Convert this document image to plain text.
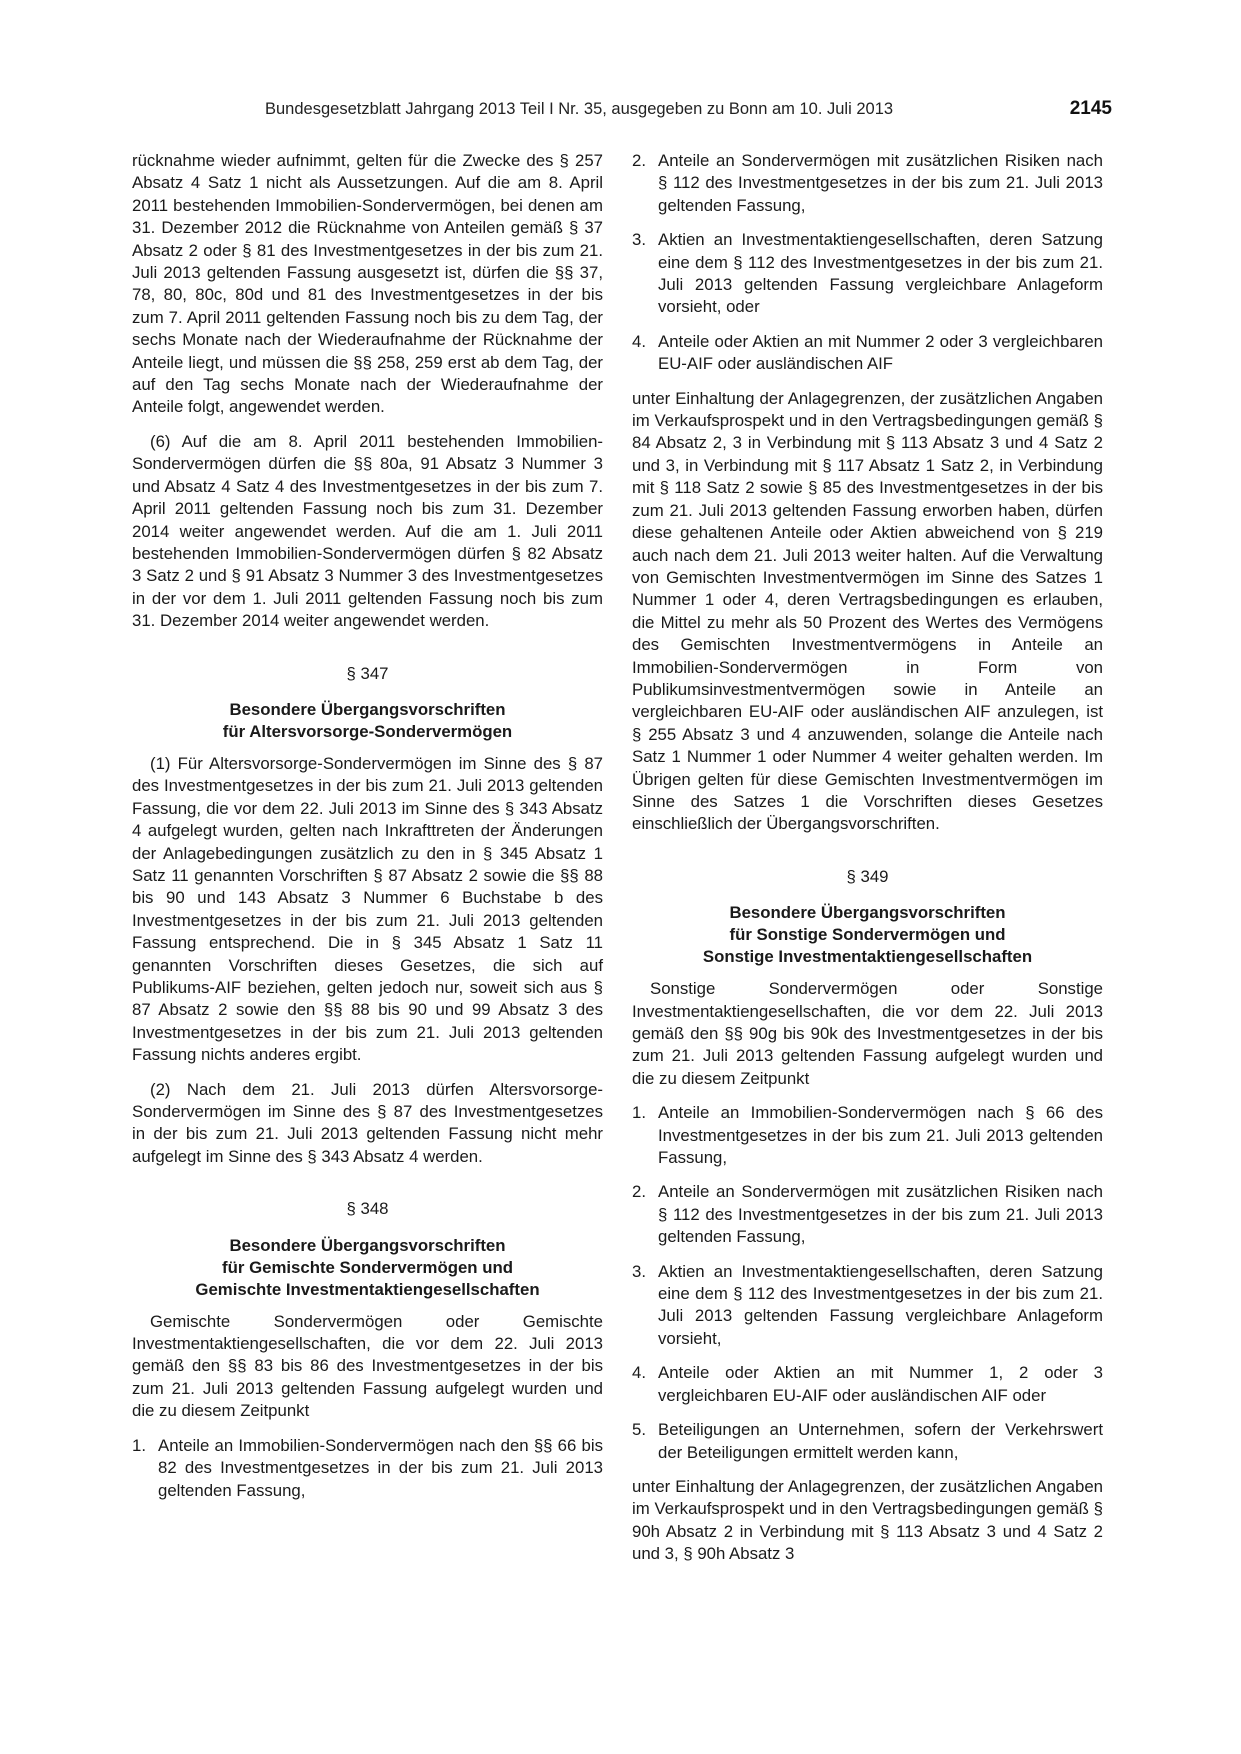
Bundesgesetzblatt Jahrgang 2013 Teil I Nr. 35, ausgegeben zu Bonn am 10. Juli 2013	2145

rücknahme wieder aufnimmt, gelten für die Zwecke des § 257 Absatz 4 Satz 1 nicht als Aussetzungen. Auf die am 8. April 2011 bestehenden Immobilien-Sondervermögen, bei denen am 31. Dezember 2012 die Rücknahme von Anteilen gemäß § 37 Absatz 2 oder § 81 des Investmentgesetzes in der bis zum 21. Juli 2013 geltenden Fassung ausgesetzt ist, dürfen die §§ 37, 78, 80, 80c, 80d und 81 des Investmentgesetzes in der bis zum 7. April 2011 geltenden Fassung noch bis zu dem Tag, der sechs Monate nach der Wiederaufnahme der Rücknahme der Anteile liegt, und müssen die §§ 258, 259 erst ab dem Tag, der auf den Tag sechs Monate nach der Wiederaufnahme der Anteile folgt, angewendet werden.

(6) Auf die am 8. April 2011 bestehenden Immobilien-Sondervermögen dürfen die §§ 80a, 91 Absatz 3 Nummer 3 und Absatz 4 Satz 4 des Investmentgesetzes in der bis zum 7. April 2011 geltenden Fassung noch bis zum 31. Dezember 2014 weiter angewendet werden. Auf die am 1. Juli 2011 bestehenden Immobilien-Sondervermögen dürfen § 82 Absatz 3 Satz 2 und § 91 Absatz 3 Nummer 3 des Investmentgesetzes in der vor dem 1. Juli 2011 geltenden Fassung noch bis zum 31. Dezember 2014 weiter angewendet werden.

§ 347
Besondere Übergangsvorschriften
für Altersvorsorge-Sondervermögen

(1) Für Altersvorsorge-Sondervermögen im Sinne des § 87 des Investmentgesetzes in der bis zum 21. Juli 2013 geltenden Fassung, die vor dem 22. Juli 2013 im Sinne des § 343 Absatz 4 aufgelegt wurden, gelten nach Inkrafttreten der Änderungen der Anlagebedingungen zusätzlich zu den in § 345 Absatz 1 Satz 11 genannten Vorschriften § 87 Absatz 2 sowie die §§ 88 bis 90 und 143 Absatz 3 Nummer 6 Buchstabe b des Investmentgesetzes in der bis zum 21. Juli 2013 geltenden Fassung entsprechend. Die in § 345 Absatz 1 Satz 11 genannten Vorschriften dieses Gesetzes, die sich auf Publikums-AIF beziehen, gelten jedoch nur, soweit sich aus § 87 Absatz 2 sowie den §§ 88 bis 90 und 99 Absatz 3 des Investmentgesetzes in der bis zum 21. Juli 2013 geltenden Fassung nichts anderes ergibt.

(2) Nach dem 21. Juli 2013 dürfen Altersvorsorge-Sondervermögen im Sinne des § 87 des Investmentgesetzes in der bis zum 21. Juli 2013 geltenden Fassung nicht mehr aufgelegt im Sinne des § 343 Absatz 4 werden.

§ 348
Besondere Übergangsvorschriften
für Gemischte Sondervermögen und
Gemischte Investmentaktiengesellschaften

Gemischte Sondervermögen oder Gemischte Investmentaktiengesellschaften, die vor dem 22. Juli 2013 gemäß den §§ 83 bis 86 des Investmentgesetzes in der bis zum 21. Juli 2013 geltenden Fassung aufgelegt wurden und die zu diesem Zeitpunkt

1. Anteile an Immobilien-Sondervermögen nach den §§ 66 bis 82 des Investmentgesetzes in der bis zum 21. Juli 2013 geltenden Fassung,
2. Anteile an Sondervermögen mit zusätzlichen Risiken nach § 112 des Investmentgesetzes in der bis zum 21. Juli 2013 geltenden Fassung,
3. Aktien an Investmentaktiengesellschaften, deren Satzung eine dem § 112 des Investmentgesetzes in der bis zum 21. Juli 2013 geltenden Fassung vergleichbare Anlageform vorsieht, oder
4. Anteile oder Aktien an mit Nummer 2 oder 3 vergleichbaren EU-AIF oder ausländischen AIF

unter Einhaltung der Anlagegrenzen, der zusätzlichen Angaben im Verkaufsprospekt und in den Vertragsbedingungen gemäß § 84 Absatz 2, 3 in Verbindung mit § 113 Absatz 3 und 4 Satz 2 und 3, in Verbindung mit § 117 Absatz 1 Satz 2, in Verbindung mit § 118 Satz 2 sowie § 85 des Investmentgesetzes in der bis zum 21. Juli 2013 geltenden Fassung erworben haben, dürfen diese gehaltenen Anteile oder Aktien abweichend von § 219 auch nach dem 21. Juli 2013 weiter halten. Auf die Verwaltung von Gemischten Investmentvermögen im Sinne des Satzes 1 Nummer 1 oder 4, deren Vertragsbedingungen es erlauben, die Mittel zu mehr als 50 Prozent des Wertes des Vermögens des Gemischten Investmentvermögens in Anteile an Immobilien-Sondervermögen in Form von Publikumsinvestmentvermögen sowie in Anteile an vergleichbaren EU-AIF oder ausländischen AIF anzulegen, ist § 255 Absatz 3 und 4 anzuwenden, solange die Anteile nach Satz 1 Nummer 1 oder Nummer 4 weiter gehalten werden. Im Übrigen gelten für diese Gemischten Investmentvermögen im Sinne des Satzes 1 die Vorschriften dieses Gesetzes einschließlich der Übergangsvorschriften.

§ 349
Besondere Übergangsvorschriften
für Sonstige Sondervermögen und
Sonstige Investmentaktiengesellschaften

Sonstige Sondervermögen oder Sonstige Investmentaktiengesellschaften, die vor dem 22. Juli 2013 gemäß den §§ 90g bis 90k des Investmentgesetzes in der bis zum 21. Juli 2013 geltenden Fassung aufgelegt wurden und die zu diesem Zeitpunkt

1. Anteile an Immobilien-Sondervermögen nach § 66 des Investmentgesetzes in der bis zum 21. Juli 2013 geltenden Fassung,
2. Anteile an Sondervermögen mit zusätzlichen Risiken nach § 112 des Investmentgesetzes in der bis zum 21. Juli 2013 geltenden Fassung,
3. Aktien an Investmentaktiengesellschaften, deren Satzung eine dem § 112 des Investmentgesetzes in der bis zum 21. Juli 2013 geltenden Fassung vergleichbare Anlageform vorsieht,
4. Anteile oder Aktien an mit Nummer 1, 2 oder 3 vergleichbaren EU-AIF oder ausländischen AIF oder
5. Beteiligungen an Unternehmen, sofern der Verkehrswert der Beteiligungen ermittelt werden kann,

unter Einhaltung der Anlagegrenzen, der zusätzlichen Angaben im Verkaufsprospekt und in den Vertragsbedingungen gemäß § 90h Absatz 2 in Verbindung mit § 113 Absatz 3 und 4 Satz 2 und 3, § 90h Absatz 3
